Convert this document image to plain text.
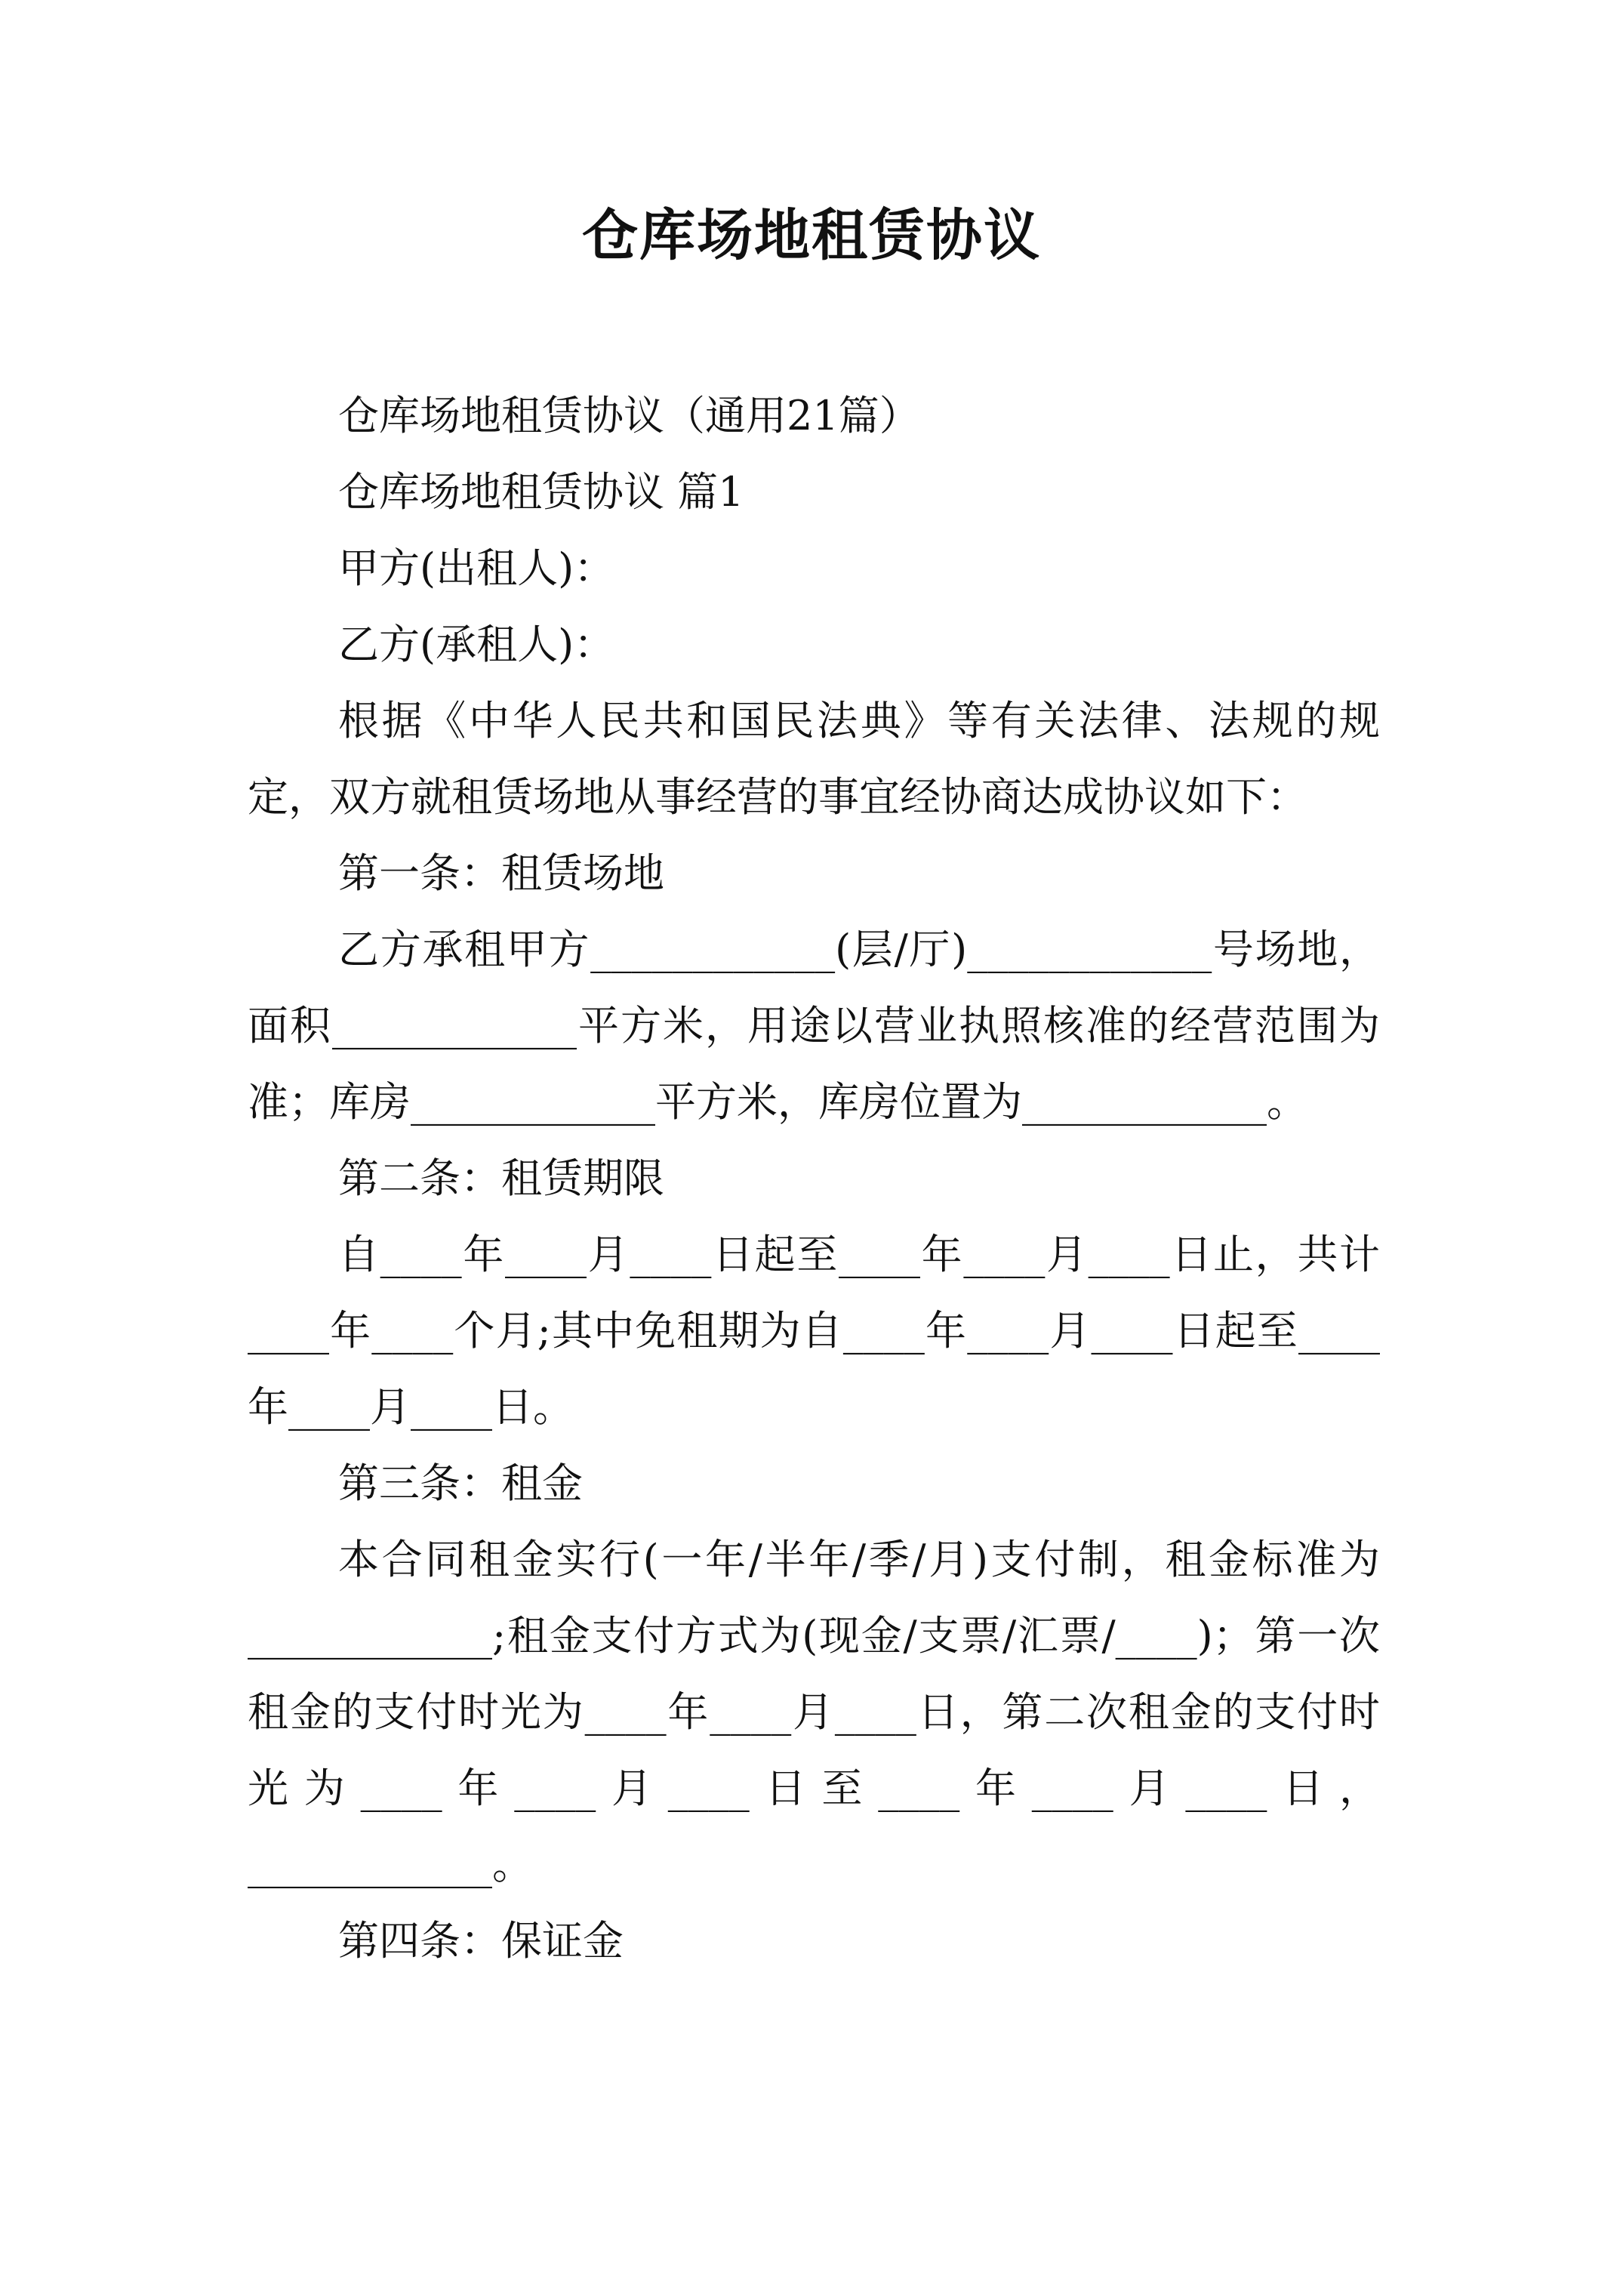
仓库场地租赁协议

仓库场地租赁协议（通用21篇）

仓库场地租赁协议 篇1

甲方(出租人)：

乙方(承租人)：

根据《中华人民共和国民法典》等有关法律、法规的规定，双方就租赁场地从事经营的事宜经协商达成协议如下：

第一条：租赁场地

乙方承租甲方____________(层/厅)____________号场地，面积____________平方米，用途以营业执照核准的经营范围为准；库房____________平方米，库房位置为____________。

第二条：租赁期限

自____年____月____日起至____年____月____日止，共计____年____个月;其中免租期为自____年____月____日起至____年____月____日。

第三条：租金

本合同租金实行(一年/半年/季/月)支付制，租金标准为____________;租金支付方式为(现金/支票/汇票/____)；第一次租金的支付时光为____年____月____日，第二次租金的支付时光为____年____月____日至____年____月____日，____________。

第四条：保证金
